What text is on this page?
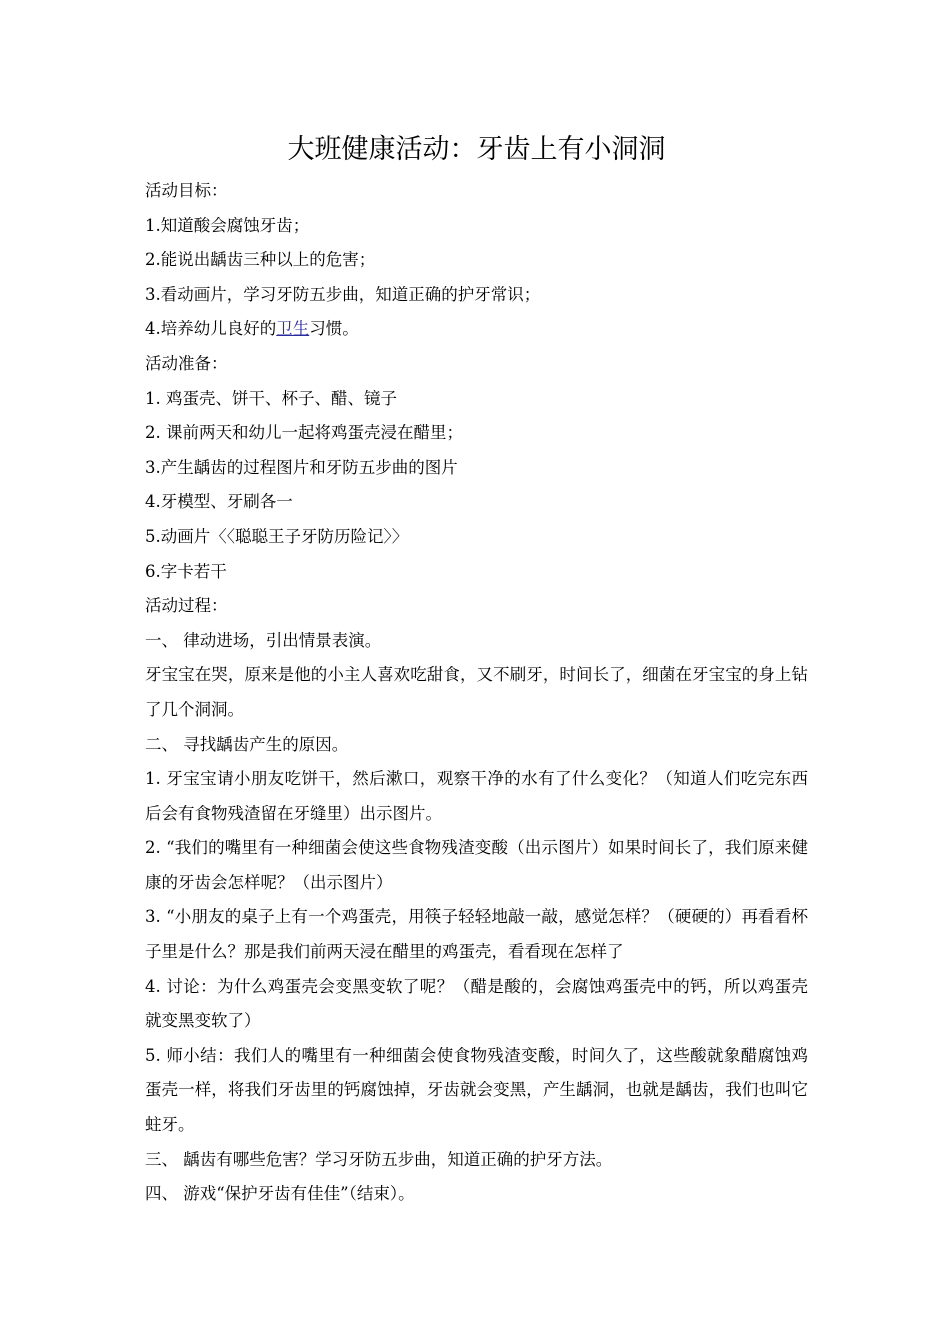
大班健康活动：牙齿上有小洞洞
活动目标：
1.知道酸会腐蚀牙齿；
2.能说出龋齿三种以上的危害；
3.看动画片，学习牙防五步曲，知道正确的护牙常识；
4.培养幼儿良好的卫生习惯。
活动准备：
1. 鸡蛋壳、饼干、杯子、醋、镜子
2. 课前两天和幼儿一起将鸡蛋壳浸在醋里；
3.产生龋齿的过程图片和牙防五步曲的图片
4.牙模型、牙刷各一
5.动画片〈〈聪聪王子牙防历险记〉〉
6.字卡若干
活动过程：
一、 律动进场，引出情景表演。
牙宝宝在哭，原来是他的小主人喜欢吃甜食，又不刷牙，时间长了，细菌在牙宝宝的身上钻了几个洞洞。
二、 寻找龋齿产生的原因。
1. 牙宝宝请小朋友吃饼干，然后漱口，观察干净的水有了什么变化？（知道人们吃完东西后会有食物残渣留在牙缝里）出示图片。
2. “我们的嘴里有一种细菌会使这些食物残渣变酸（出示图片）如果时间长了，我们原来健康的牙齿会怎样呢？（出示图片）
3. “小朋友的桌子上有一个鸡蛋壳，用筷子轻轻地敲一敲，感觉怎样？（硬硬的）再看看杯子里是什么？那是我们前两天浸在醋里的鸡蛋壳，看看现在怎样了
4. 讨论：为什么鸡蛋壳会变黑变软了呢？（醋是酸的，会腐蚀鸡蛋壳中的钙，所以鸡蛋壳就变黑变软了）
5. 师小结：我们人的嘴里有一种细菌会使食物残渣变酸，时间久了，这些酸就象醋腐蚀鸡蛋壳一样，将我们牙齿里的钙腐蚀掉，牙齿就会变黑，产生龋洞，也就是龋齿，我们也叫它蛀牙。
三、 龋齿有哪些危害？学习牙防五步曲，知道正确的护牙方法。
四、 游戏“保护牙齿有佳佳”（结束）。
